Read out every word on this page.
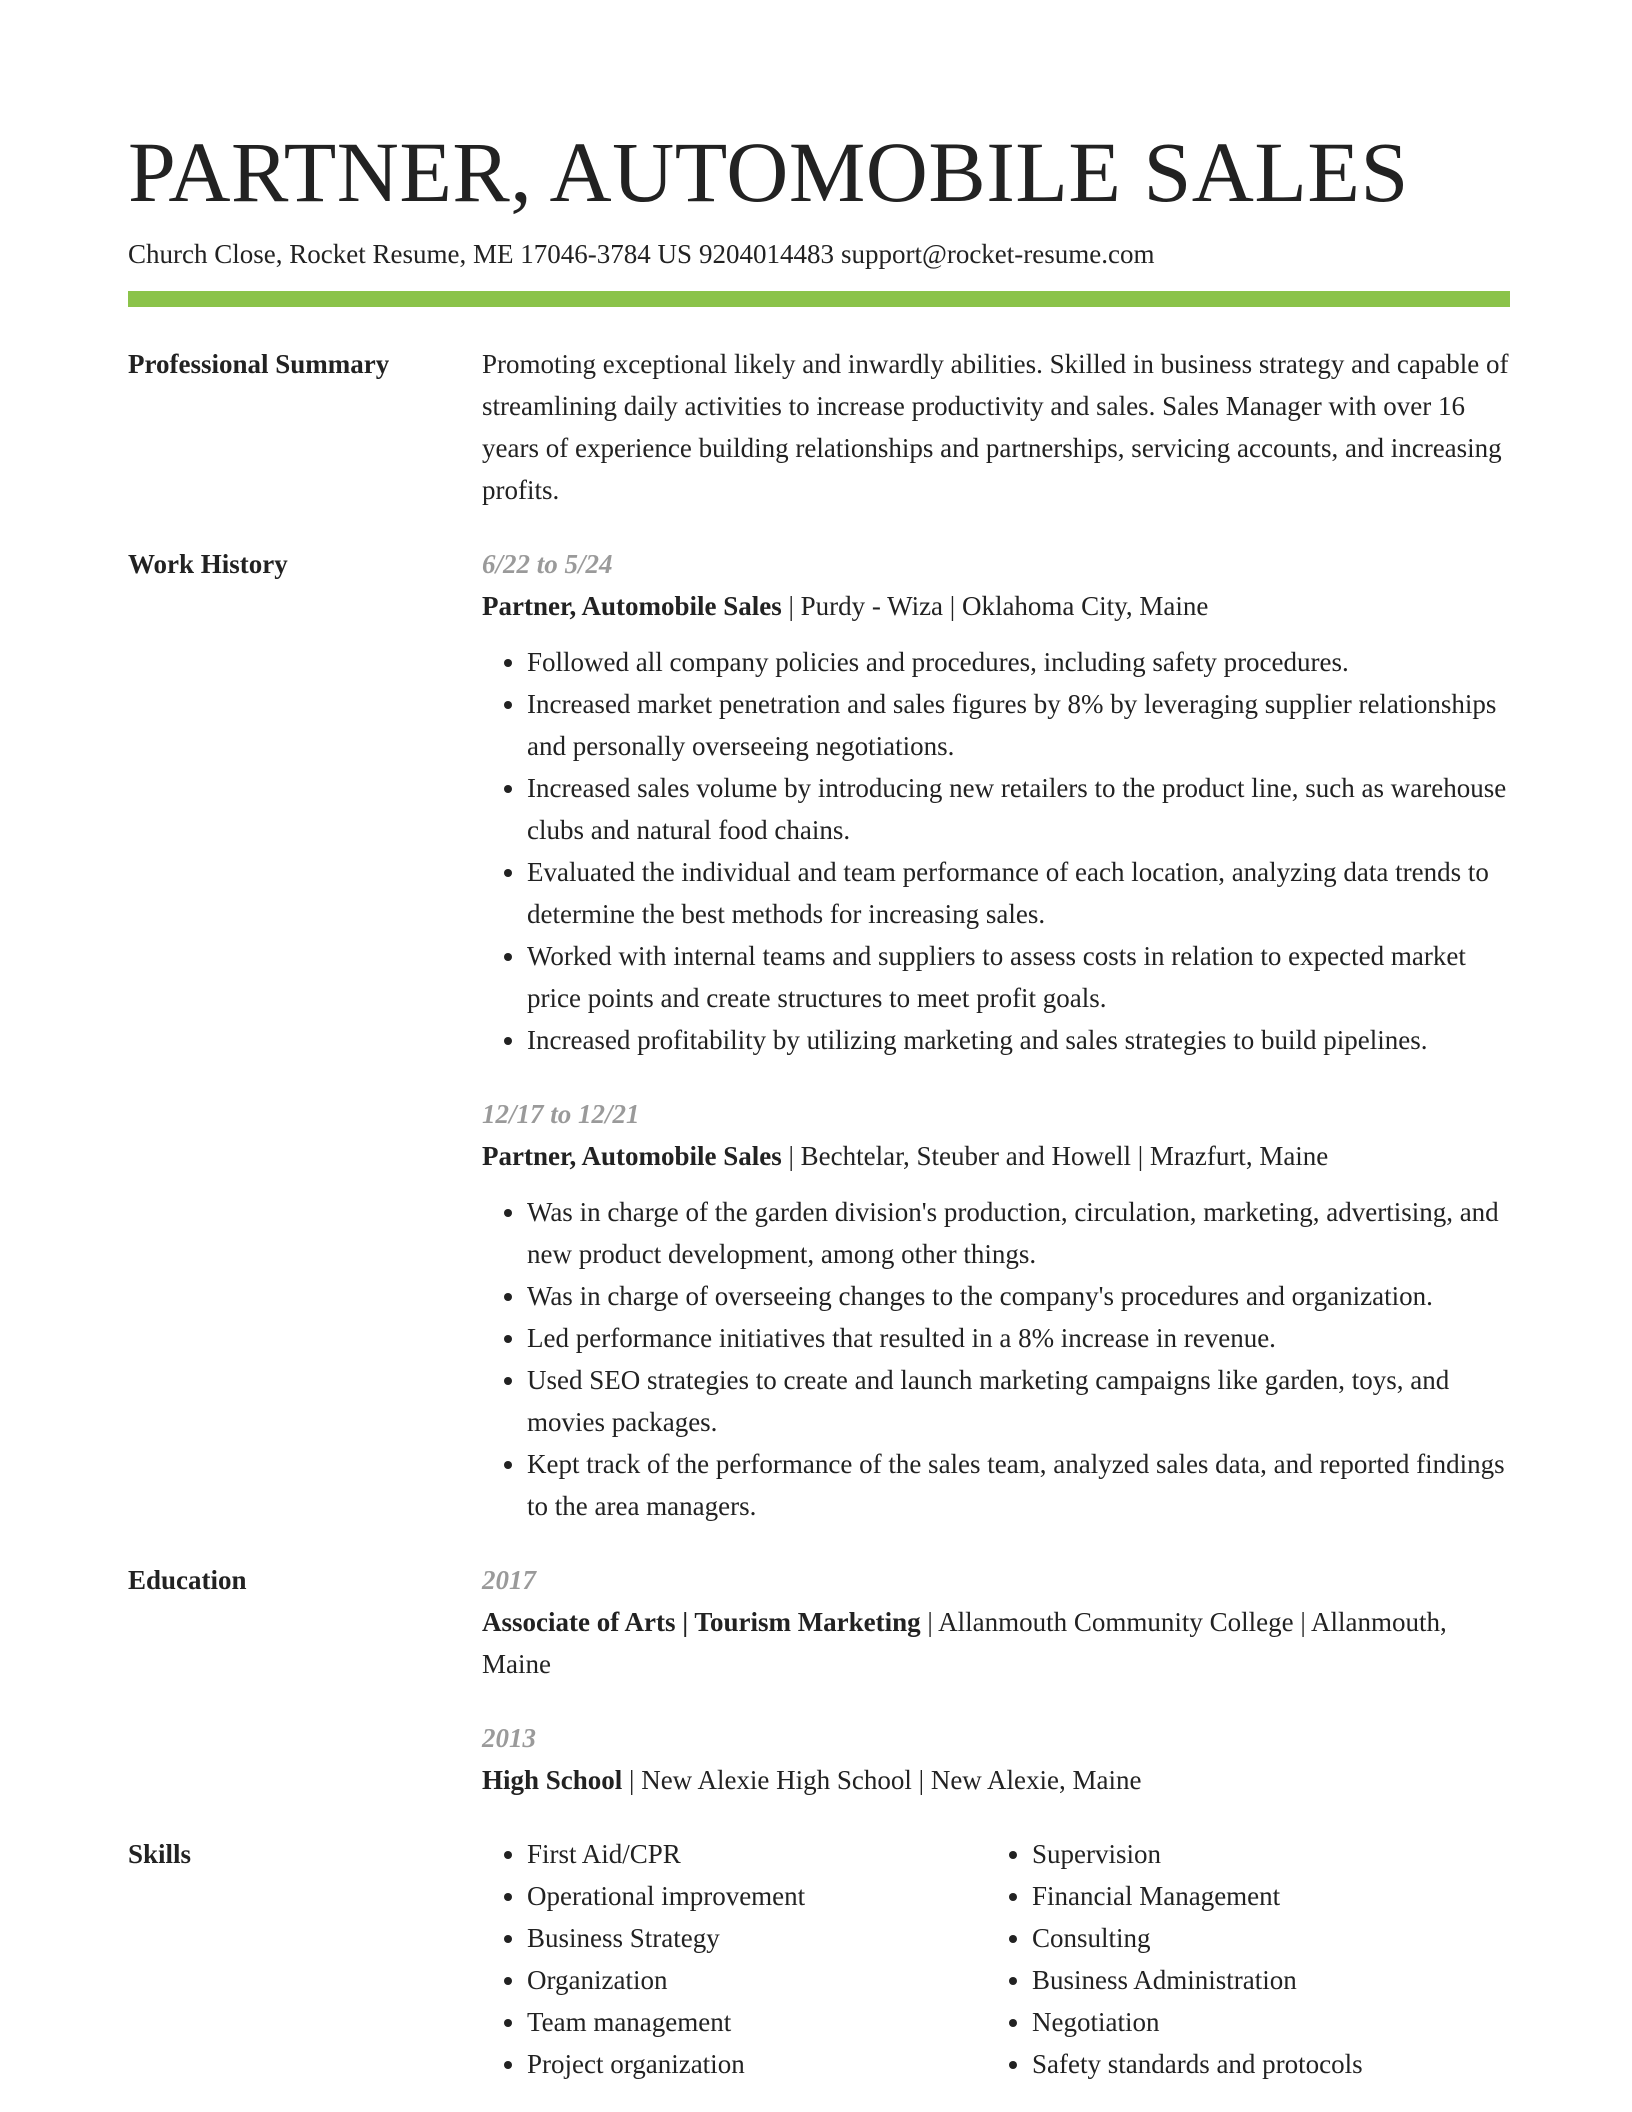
PARTNER, AUTOMOBILE SALES
Church Close, Rocket Resume, ME 17046-3784 US 9204014483 support@rocket-resume.com
Professional Summary	Promoting exceptional likely and inwardly abilities. Skilled in business strategy and capable of streamlining daily activities to increase productivity and sales. Sales Manager with over 16 years of experience building relationships and partnerships, servicing accounts, and increasing profits.
Work History	6/22 to 5/24
Partner, Automobile Sales | Purdy - Wiza | Oklahoma City, Maine
• Followed all company policies and procedures, including safety procedures.
• Increased market penetration and sales figures by 8% by leveraging supplier relationships and personally overseeing negotiations.
• Increased sales volume by introducing new retailers to the product line, such as warehouse clubs and natural food chains.
• Evaluated the individual and team performance of each location, analyzing data trends to determine the best methods for increasing sales.
• Worked with internal teams and suppliers to assess costs in relation to expected market price points and create structures to meet profit goals.
• Increased profitability by utilizing marketing and sales strategies to build pipelines.
12/17 to 12/21
Partner, Automobile Sales | Bechtelar, Steuber and Howell | Mrazfurt, Maine
• Was in charge of the garden division's production, circulation, marketing, advertising, and new product development, among other things.
• Was in charge of overseeing changes to the company's procedures and organization.
• Led performance initiatives that resulted in a 8% increase in revenue.
• Used SEO strategies to create and launch marketing campaigns like garden, toys, and movies packages.
• Kept track of the performance of the sales team, analyzed sales data, and reported findings to the area managers.
Education	2017
Associate of Arts | Tourism Marketing | Allanmouth Community College | Allanmouth, Maine
2013
High School | New Alexie High School | New Alexie, Maine
Skills
•	First Aid/CPR
• Operational improvement
• Business Strategy
• Organization
• Team management
• Project organization
• Supervision
• Financial Management
• Consulting
• Business Administration
• Negotiation
• Safety standards and protocols
